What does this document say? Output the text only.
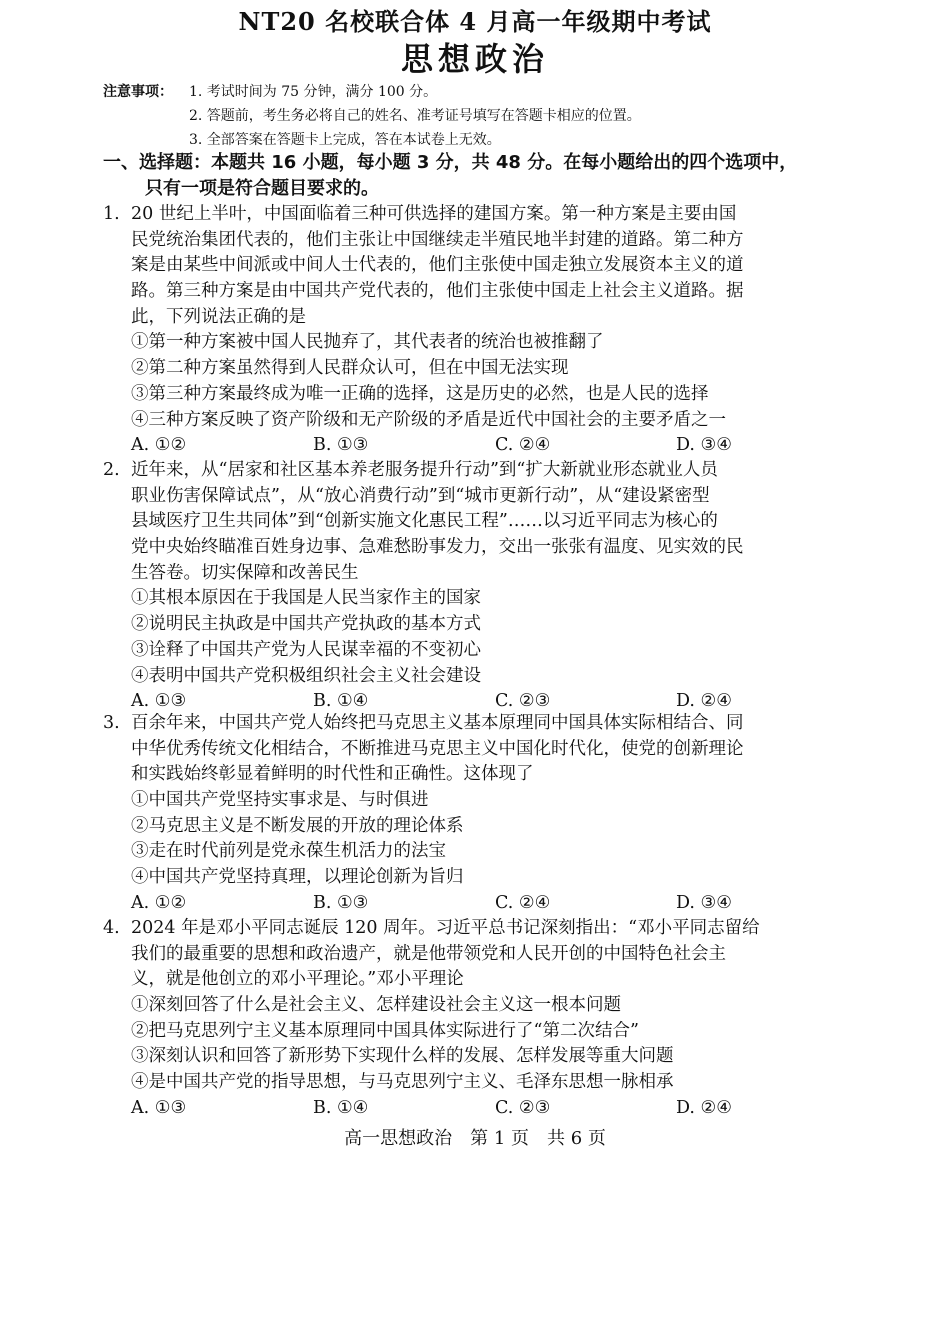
NT20 名校联合体 4 月高一年级期中考试
思想政治
注意事项： 1. 考试时间为 75 分钟，满分 100 分。
2. 答题前，考生务必将自己的姓名、准考证号填写在答题卡相应的位置。
3. 全部答案在答题卡上完成，答在本试卷上无效。
一、选择题：本题共 16 小题，每小题 3 分，共 48 分。在每小题给出的四个选项中，
只有一项是符合题目要求的。
1. 20 世纪上半叶，中国面临着三种可供选择的建国方案。第一种方案是主要由国
民党统治集团代表的，他们主张让中国继续走半殖民地半封建的道路。第二种方
案是由某些中间派或中间人士代表的，他们主张使中国走独立发展资本主义的道
路。第三种方案是由中国共产党代表的，他们主张使中国走上社会主义道路。据
此，下列说法正确的是
①第一种方案被中国人民抛弃了，其代表者的统治也被推翻了
②第二种方案虽然得到人民群众认可，但在中国无法实现
③第三种方案最终成为唯一正确的选择，这是历史的必然，也是人民的选择
④三种方案反映了资产阶级和无产阶级的矛盾是近代中国社会的主要矛盾之一
A. ①②	B. ①③	C. ②④	D. ③④
2. 近年来，从“居家和社区基本养老服务提升行动”到“扩大新就业形态就业人员
职业伤害保障试点”，从“放心消费行动”到“城市更新行动”，从“建设紧密型
县域医疗卫生共同体”到“创新实施文化惠民工程”……以习近平同志为核心的
党中央始终瞄准百姓身边事、急难愁盼事发力，交出一张张有温度、见实效的民
生答卷。切实保障和改善民生
①其根本原因在于我国是人民当家作主的国家
②说明民主执政是中国共产党执政的基本方式
③诠释了中国共产党为人民谋幸福的不变初心
④表明中国共产党积极组织社会主义社会建设
A. ①③	B. ①④	C. ②③	D. ②④
3. 百余年来，中国共产党人始终把马克思主义基本原理同中国具体实际相结合、同
中华优秀传统文化相结合，不断推进马克思主义中国化时代化，使党的创新理论
和实践始终彰显着鲜明的时代性和正确性。这体现了
①中国共产党坚持实事求是、与时俱进
②马克思主义是不断发展的开放的理论体系
③走在时代前列是党永葆生机活力的法宝
④中国共产党坚持真理，以理论创新为旨归
A. ①②	B. ①③	C. ②④	D. ③④
4. 2024 年是邓小平同志诞辰 120 周年。习近平总书记深刻指出：“邓小平同志留给
我们的最重要的思想和政治遗产，就是他带领党和人民开创的中国特色社会主
义，就是他创立的邓小平理论。”邓小平理论
①深刻回答了什么是社会主义、怎样建设社会主义这一根本问题
②把马克思列宁主义基本原理同中国具体实际进行了“第二次结合”
③深刻认识和回答了新形势下实现什么样的发展、怎样发展等重大问题
④是中国共产党的指导思想，与马克思列宁主义、毛泽东思想一脉相承
A. ①③	B. ①④	C. ②③	D. ②④
高一思想政治　第 1 页　共 6 页
